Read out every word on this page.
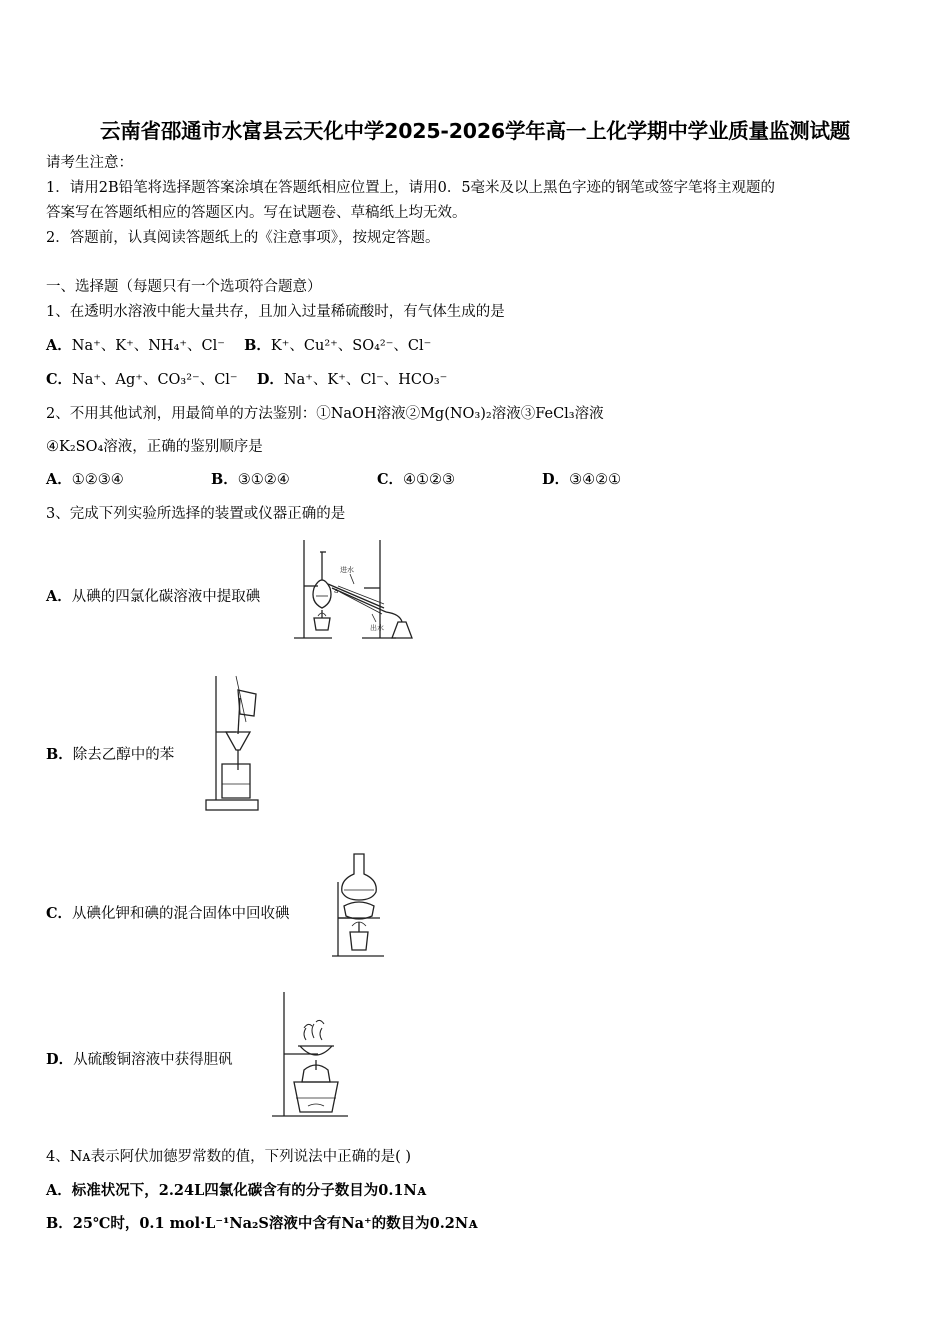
云南省邵通市水富县云天化中学2025-2026学年高一上化学期中学业质量监测试题
请考生注意：
1．请用2B铅笔将选择题答案涂填在答题纸相应位置上，请用0．5毫米及以上黑色字迹的钢笔或签字笔将主观题的
答案写在答题纸相应的答题区内。写在试题卷、草稿纸上均无效。
2．答题前，认真阅读答题纸上的《注意事项》，按规定答题。
一、选择题（每题只有一个选项符合题意）
1、在透明水溶液中能大量共存，且加入过量稀硫酸时，有气体生成的是
A．Na⁺、K⁺、NH₄⁺、Cl⁻ B．K⁺、Cu²⁺、SO₄²⁻、Cl⁻
C．Na⁺、Ag⁺、CO₃²⁻、Cl⁻ D．Na⁺、K⁺、Cl⁻、HCO₃⁻
2、不用其他试剂，用最简单的方法鉴别：①NaOH溶液②Mg(NO₃)₂溶液③FeCl₃溶液
④K₂SO₄溶液，正确的鉴别顺序是
A．①②③④	B．③①②④	C．④①②③	D．③④②①
3、完成下列实验所选择的装置或仪器正确的是
A．从碘的四氯化碳溶液中提取碘
进水
出水
a
B．除去乙醇中的苯
C．从碘化钾和碘的混合固体中回收碘
D．从硫酸铜溶液中获得胆矾
4、Nᴀ表示阿伏加德罗常数的值，下列说法中正确的是( )
A．标准状况下，2.24L四氯化碳含有的分子数目为0.1Nᴀ
B．25℃时，0.1 mol·L⁻¹Na₂S溶液中含有Na⁺的数目为0.2Nᴀ
